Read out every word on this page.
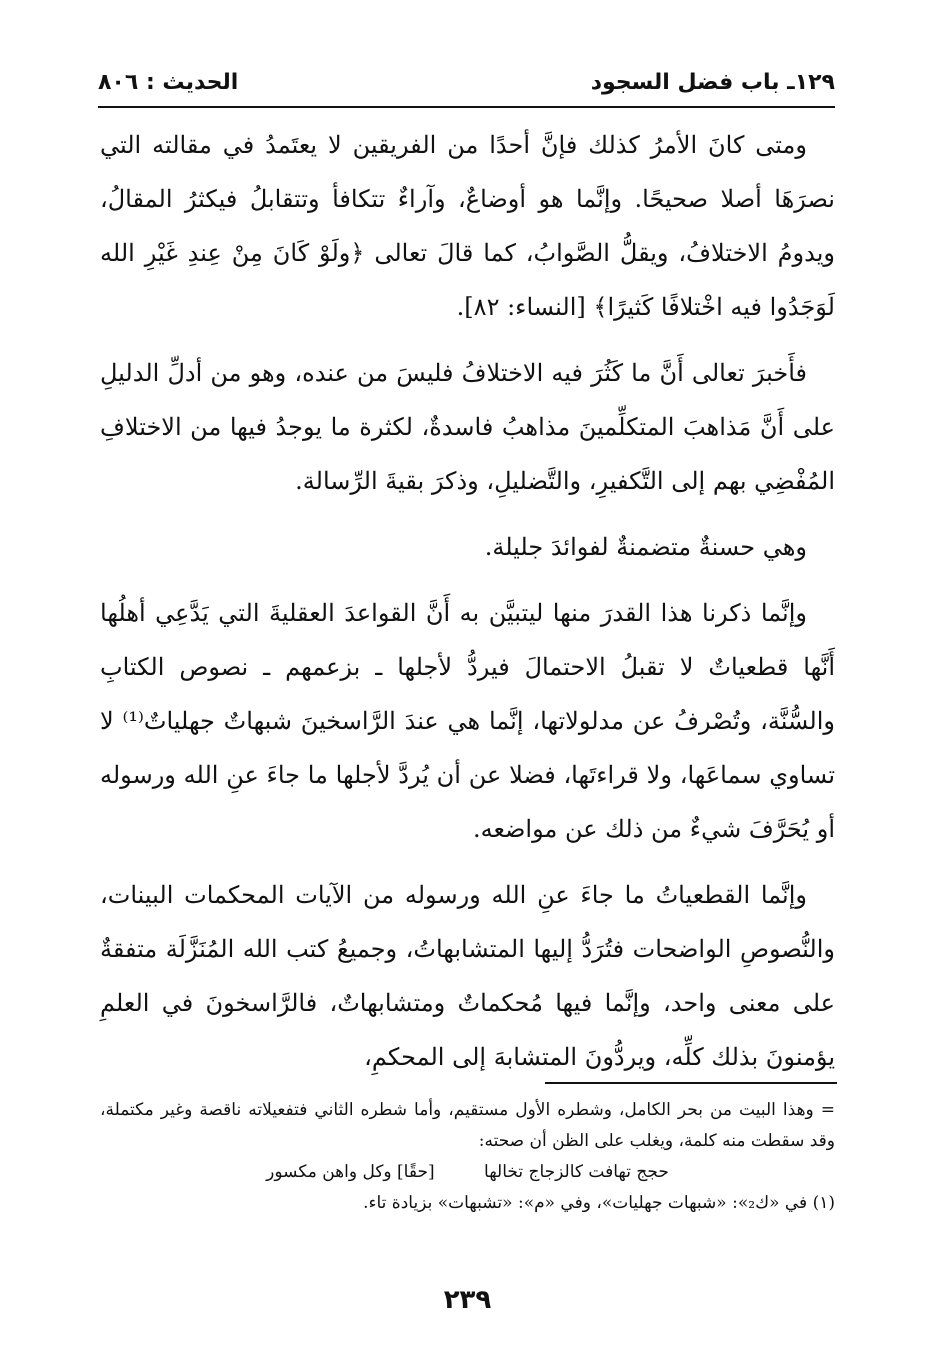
١٢٩ـ باب فضل السجود
الحديث : ٨٠٦

ومتى كانَ الأمرُ كذلك فإنَّ أحدًا من الفريقين لا يعتَمدُ في مقالته التي نصرَهَا أصلا صحيحًا. وإنَّما هو أوضاعٌ، وآراءٌ تتكافأ وتتقابلُ فيكثرُ المقالُ، ويدومُ الاختلافُ، ويقلُّ الصَّوابُ، كما قالَ تعالى ﴿ولَوْ كَانَ مِنْ عِندِ غَيْرِ الله لَوَجَدُوا فيه اخْتلافًا كَثيرًا﴾ [النساء: ٨٢].

فأَخبرَ تعالى أَنَّ ما كَثُرَ فيه الاختلافُ فليسَ من عنده، وهو من أدلِّ الدليلِ على أَنَّ مَذاهبَ المتكلِّمينَ مذاهبُ فاسدةٌ، لكثرة ما يوجدُ فيها من الاختلافِ المُفْضِي بهم إلى التَّكفيرِ، والتَّضليلِ، وذكرَ بقيةَ الرِّسالة.

وهي حسنةٌ متضمنةٌ لفوائدَ جليلة.

وإنَّما ذكرنا هذا القدرَ منها ليتبيَّن به أَنَّ القواعدَ العقليةَ التي يَدَّعِي أهلُها أَنَّها قطعياتٌ لا تقبلُ الاحتمالَ فيردُّ لأجلها ـ بزعمهم ـ نصوص الكتابِ والسُّنَّة، وتُصْرفُ عن مدلولاتها، إنَّما هي عندَ الرَّاسخينَ شبهاتٌ جهلياتٌ⁽¹⁾ لا تساوي سماعَها، ولا قراءتَها، فضلا عن أن يُردَّ لأجلها ما جاءَ عنِ الله ورسوله أو يُحَرَّفَ شيءٌ من ذلك عن مواضعه.

وإنَّما القطعياتُ ما جاءَ عنِ الله ورسوله من الآيات المحكمات البينات، والنُّصوصِ الواضحات فتُرَدُّ إليها المتشابهاتُ، وجميعُ كتب الله المُنَزَّلَة متفقةٌ على معنى واحد، وإنَّما فيها مُحكماتٌ ومتشابهاتٌ، فالرَّاسخونَ في العلمِ يؤمنونَ بذلك كلِّه، ويردُّونَ المتشابهَ إلى المحكمِ،

= وهذا البيت من بحر الكامل، وشطره الأول مستقيم، وأما شطره الثاني فتفعيلاته ناقصة وغير مكتملة، وقد سقطت منه كلمة، ويغلب على الظن أن صحته:

حجج تهافت كالزجاج تخالها [حقًا] وكل واهن مكسور

(١) في «ك₂»: «شبهات جهليات»، وفي «م»: «تشبهات» بزيادة تاء.

٢٣٩
